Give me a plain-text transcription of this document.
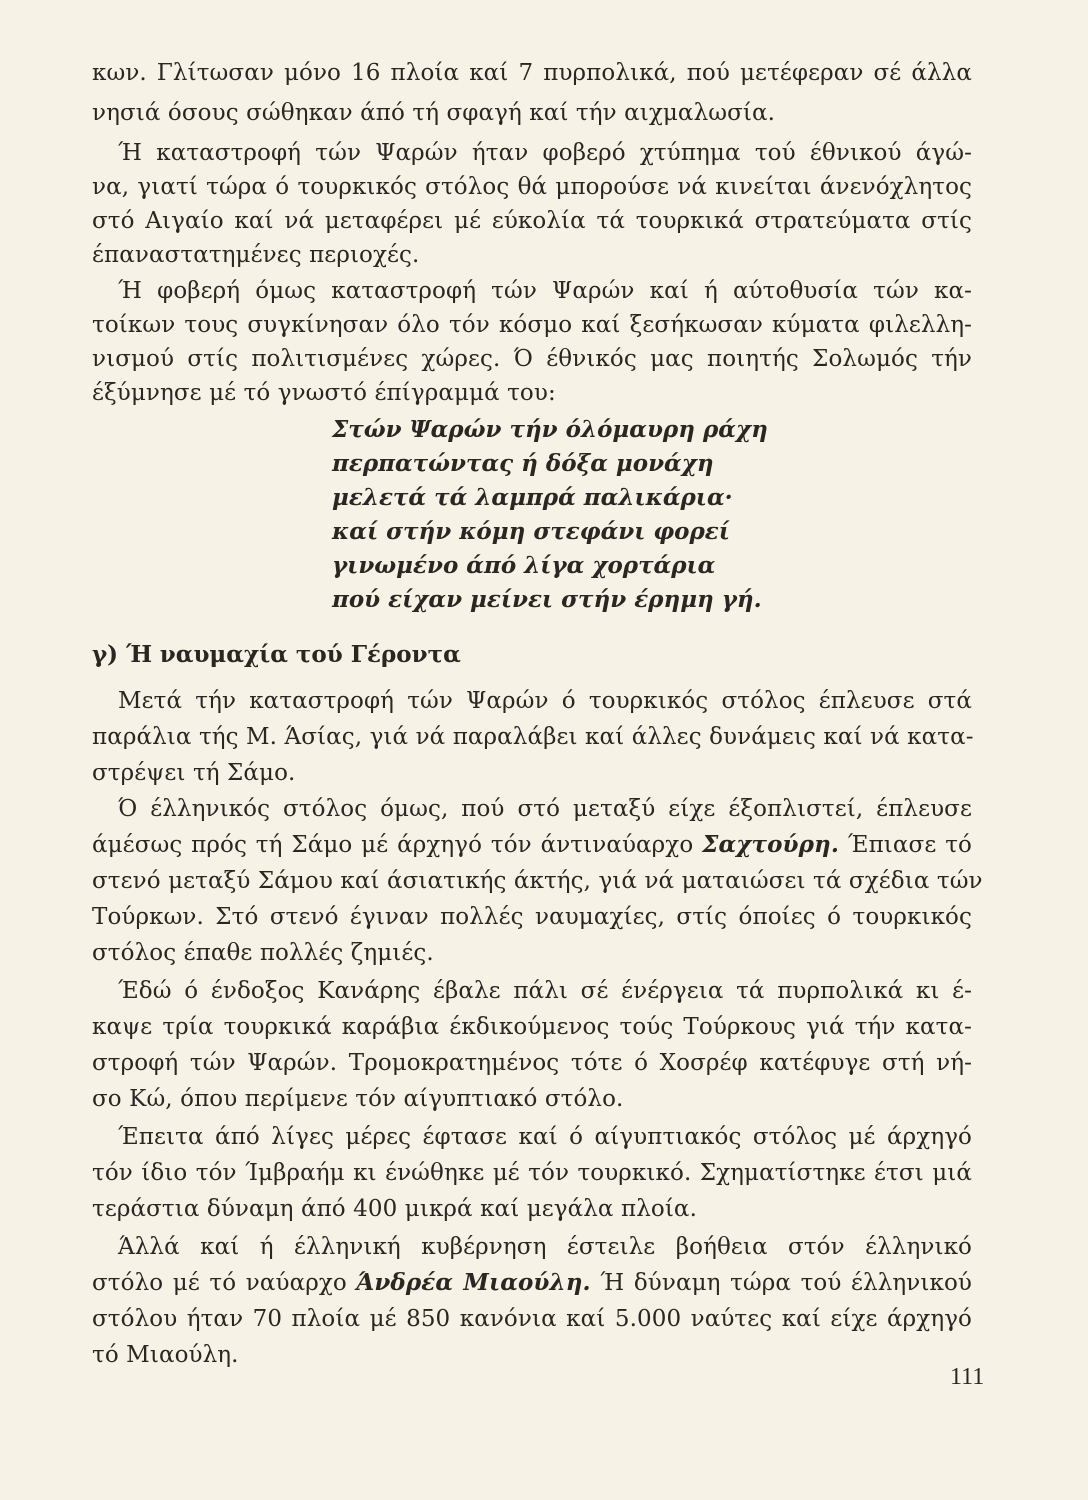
κων. Γλίτωσαν μόνο 16 πλοία καί 7 πυρπολικά, πού μετέφεραν σέ άλλα
νησιά όσους σώθηκαν άπό τή σφαγή καί τήν αιχμαλωσία.
Ή καταστροφή τών Ψαρών ήταν φοβερό χτύπημα τού έθνικού άγώ-
να, γιατί τώρα ό τουρκικός στόλος θά μπορούσε νά κινείται άνενόχλητος
στό Αιγαίο καί νά μεταφέρει μέ εύκολία τά τουρκικά στρατεύματα στίς
έπαναστατημένες περιοχές.
Ή φοβερή όμως καταστροφή τών Ψαρών καί ή αύτοθυσία τών κα-
τοίκων τους συγκίνησαν όλο τόν κόσμο καί ξεσήκωσαν κύματα φιλελλη-
νισμού στίς πολιτισμένες χώρες. Ό έθνικός μας ποιητής Σολωμός τήν
έξύμνησε μέ τό γνωστό έπίγραμμά του:
Στών Ψαρών τήν όλόμαυρη ράχη
περπατώντας ή δόξα μονάχη
μελετά τά λαμπρά παλικάρια·
καί στήν κόμη στεφάνι φορεί
γινωμένο άπό λίγα χορτάρια
πού είχαν μείνει στήν έρημη γή.
γ) Ή ναυμαχία τού Γέροντα
Μετά τήν καταστροφή τών Ψαρών ό τουρκικός στόλος έπλευσε στά
παράλια τής Μ. Άσίας, γιά νά παραλάβει καί άλλες δυνάμεις καί νά κατα-
στρέψει τή Σάμο.
Ό έλληνικός στόλος όμως, πού στό μεταξύ είχε έξοπλιστεί, έπλευσε
άμέσως πρός τή Σάμο μέ άρχηγό τόν άντιναύαρχο Σαχτούρη. Έπιασε τό
στενό μεταξύ Σάμου καί άσιατικής άκτής, γιά νά ματαιώσει τά σχέδια τών
Τούρκων. Στό στενό έγιναν πολλές ναυμαχίες, στίς όποίες ό τουρκικός
στόλος έπαθε πολλές ζημιές.
Έδώ ό ένδοξος Κανάρης έβαλε πάλι σέ ένέργεια τά πυρπολικά κι έ-
καψε τρία τουρκικά καράβια έκδικούμενος τούς Τούρκους γιά τήν κατα-
στροφή τών Ψαρών. Τρομοκρατημένος τότε ό Χοσρέφ κατέφυγε στή νή-
σο Κώ, όπου περίμενε τόν αίγυπτιακό στόλο.
Έπειτα άπό λίγες μέρες έφτασε καί ό αίγυπτιακός στόλος μέ άρχηγό
τόν ίδιο τόν Ίμβραήμ κι ένώθηκε μέ τόν τουρκικό. Σχηματίστηκε έτσι μιά
τεράστια δύναμη άπό 400 μικρά καί μεγάλα πλοία.
Άλλά καί ή έλληνική κυβέρνηση έστειλε βοήθεια στόν έλληνικό
στόλο μέ τό ναύαρχο Άνδρέα Μιαούλη. Ή δύναμη τώρα τού έλληνικού
στόλου ήταν 70 πλοία μέ 850 κανόνια καί 5.000 ναύτες καί είχε άρχηγό
τό Μιαούλη.
111
